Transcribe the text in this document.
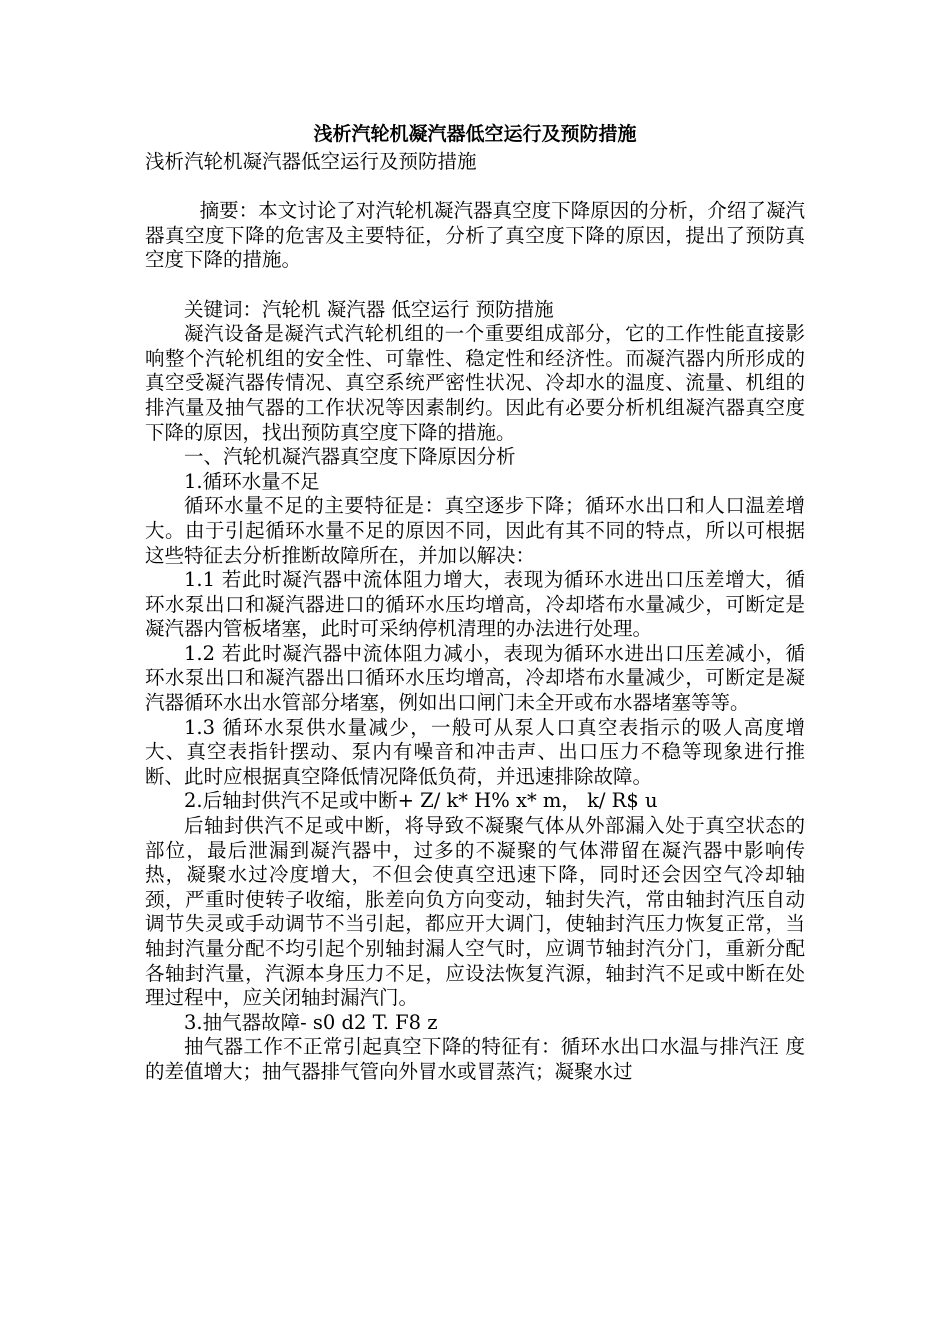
浅析汽轮机凝汽器低空运行及预防措施

浅析汽轮机凝汽器低空运行及预防措施

摘要：本文讨论了对汽轮机凝汽器真空度下降原因的分析，介绍了凝汽器真空度下降的危害及主要特征，分析了真空度下降的原因，提出了预防真空度下降的措施。

关键词：汽轮机 凝汽器 低空运行 预防措施

凝汽设备是凝汽式汽轮机组的一个重要组成部分，它的工作性能直接影响整个汽轮机组的安全性、可靠性、稳定性和经济性。而凝汽器内所形成的真空受凝汽器传情况、真空系统严密性状况、冷却水的温度、流量、机组的排汽量及抽气器的工作状况等因素制约。因此有必要分析机组凝汽器真空度下降的原因，找出预防真空度下降的措施。

一、汽轮机凝汽器真空度下降原因分析

1.循环水量不足

循环水量不足的主要特征是：真空逐步下降；循环水出口和人口温差增大。由于引起循环水量不足的原因不同，因此有其不同的特点，所以可根据这些特征去分析推断故障所在，并加以解决：

1.1 若此时凝汽器中流体阻力增大，表现为循环水进出口压差增大，循环水泵出口和凝汽器进口的循环水压均增高，冷却塔布水量减少，可断定是凝汽器内管板堵塞，此时可采纳停机清理的办法进行处理。

1.2 若此时凝汽器中流体阻力减小，表现为循环水进出口压差减小，循环水泵出口和凝汽器出口循环水压均增高，冷却塔布水量减少，可断定是凝汽器循环水出水管部分堵塞，例如出口闸门未全开或布水器堵塞等等。

1.3 循环水泵供水量减少，一般可从泵人口真空表指示的吸人高度增大、真空表指针摆动、泵内有噪音和冲击声、出口压力不稳等现象进行推断、此时应根据真空降低情况降低负荷，并迅速排除故障。

2.后轴封供汽不足或中断+ Z/ k* H% x* m， k/ R$ u

后轴封供汽不足或中断，将导致不凝聚气体从外部漏入处于真空状态的部位，最后泄漏到凝汽器中，过多的不凝聚的气体滞留在凝汽器中影响传热，凝聚水过冷度增大，不但会使真空迅速下降，同时还会因空气冷却轴颈，严重时使转子收缩，胀差向负方向变动，轴封失汽，常由轴封汽压自动调节失灵或手动调节不当引起，都应开大调门，使轴封汽压力恢复正常，当轴封汽量分配不均引起个别轴封漏人空气时，应调节轴封汽分门，重新分配各轴封汽量，汽源本身压力不足，应设法恢复汽源，轴封汽不足或中断在处理过程中，应关闭轴封漏汽门。

3.抽气器故障- s0 d2 T. F8 z

抽气器工作不正常引起真空下降的特征有：循环水出口水温与排汽汪 度的差值增大；抽气器排气管向外冒水或冒蒸汽；凝聚水过
